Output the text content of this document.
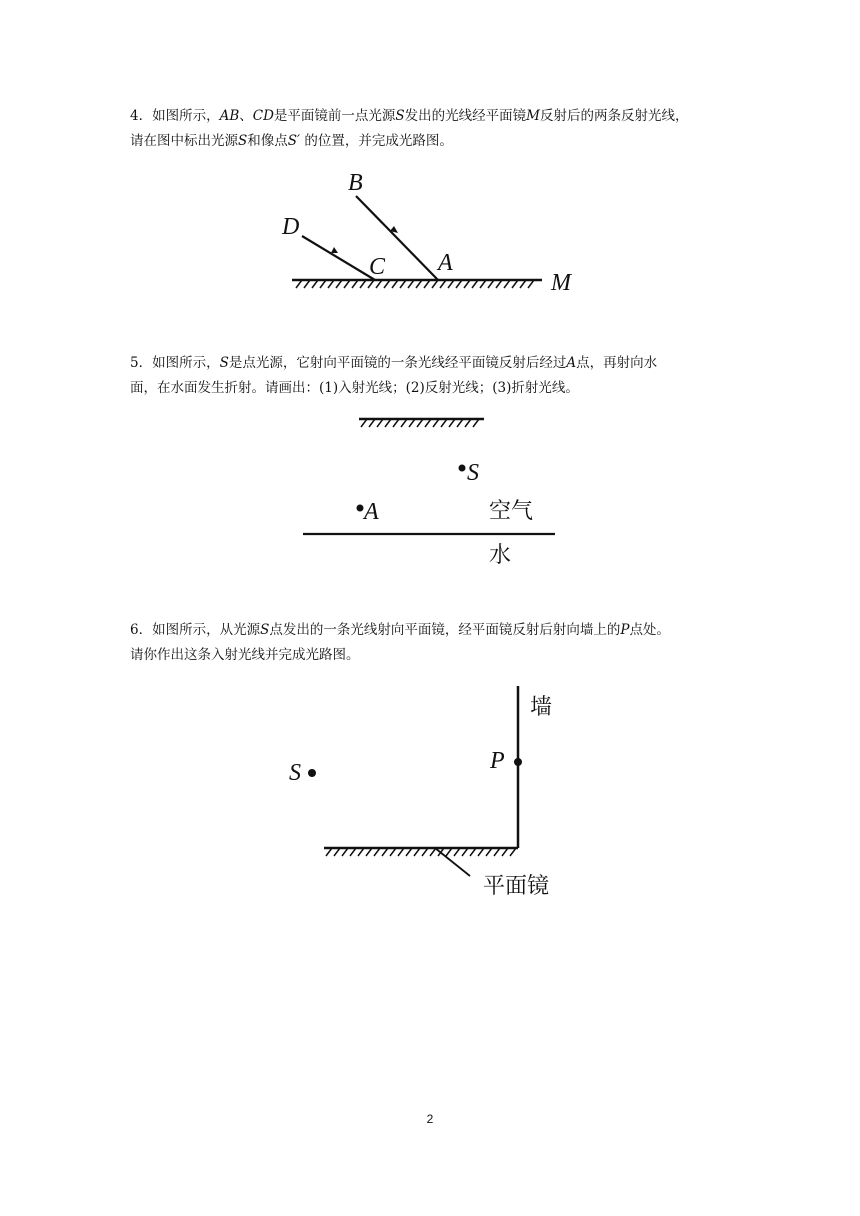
4．如图所示，AB、CD是平面镜前一点光源S发出的光线经平面镜M反射后的两条反射光线，

请在图中标出光源S和像点S′ 的位置，并完成光路图。

B
D
C A
M

5．如图所示，S是点光源，它射向平面镜的一条光线经平面镜反射后经过A点，再射向水

面，在水面发生折射。请画出：(1)入射光线；(2)反射光线；(3)折射光线。

S
A	空气
水

6．如图所示，从光源S点发出的一条光线射向平面镜，经平面镜反射后射向墙上的P点处。

请你作出这条入射光线并完成光路图。

墙
P
S
平面镜
2
